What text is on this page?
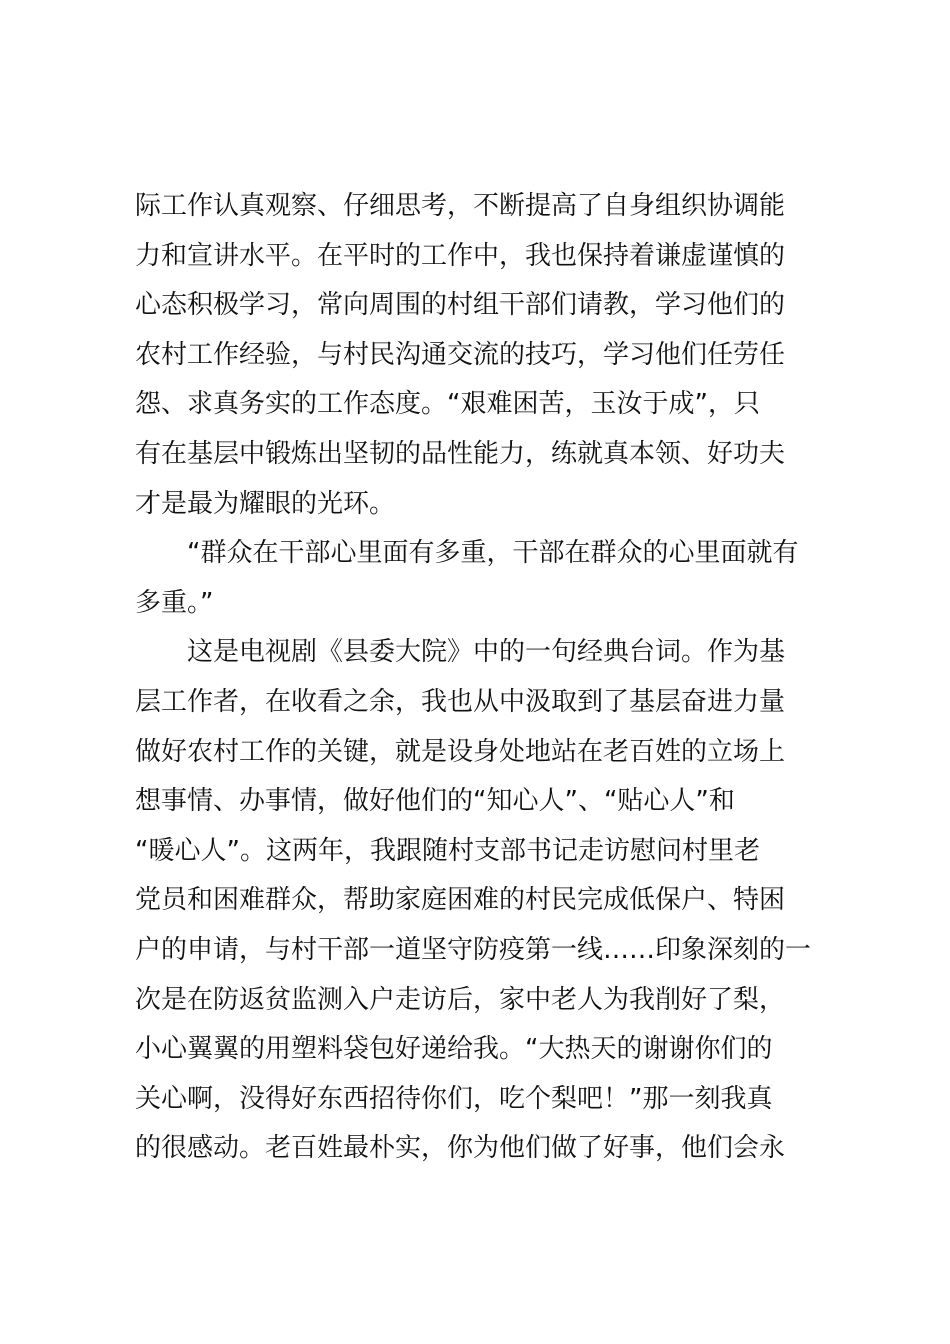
际工作认真观察、仔细思考，不断提高了自身组织协调能
力和宣讲水平。在平时的工作中，我也保持着谦虚谨慎的
心态积极学习，常向周围的村组干部们请教，学习他们的
农村工作经验，与村民沟通交流的技巧，学习他们任劳任
怨、求真务实的工作态度。“艰难困苦，玉汝于成”，只
有在基层中锻炼出坚韧的品性能力，练就真本领、好功夫
才是最为耀眼的光环。
“群众在干部心里面有多重，干部在群众的心里面就有
多重。”
这是电视剧《县委大院》中的一句经典台词。作为基
层工作者，在收看之余，我也从中汲取到了基层奋进力量
做好农村工作的关键，就是设身处地站在老百姓的立场上
想事情、办事情，做好他们的“知心人”、“贴心人”和
“暖心人”。这两年，我跟随村支部书记走访慰问村里老
党员和困难群众，帮助家庭困难的村民完成低保户、特困
户的申请，与村干部一道坚守防疫第一线……印象深刻的一
次是在防返贫监测入户走访后，家中老人为我削好了梨，
小心翼翼的用塑料袋包好递给我。“大热天的谢谢你们的
关心啊，没得好东西招待你们，吃个梨吧！”那一刻我真
的很感动。老百姓最朴实，你为他们做了好事，他们会永
